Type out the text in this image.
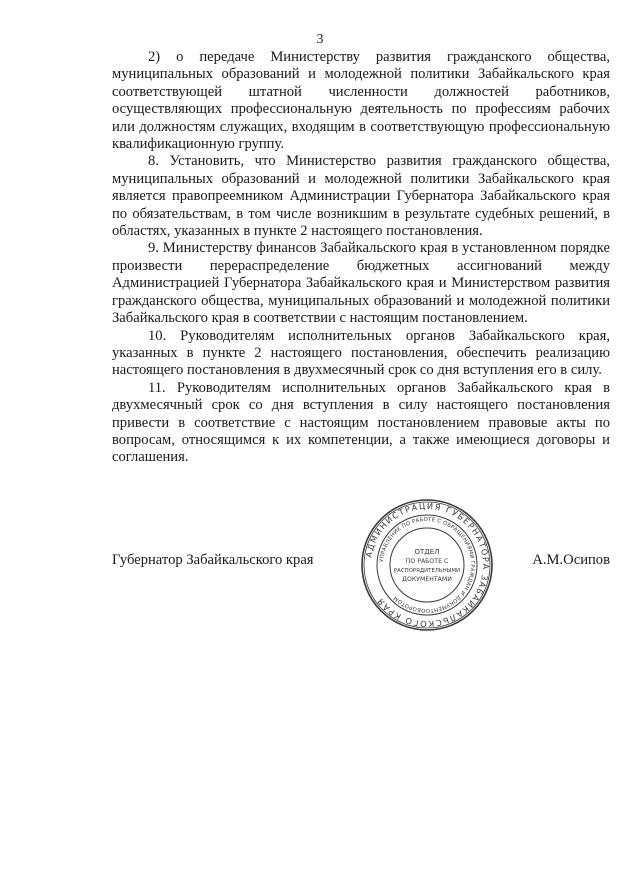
3

2) о передаче Министерству развития гражданского общества, муниципальных образований и молодежной политики Забайкальского края соответствующей штатной численности должностей работников, осуществляющих профессиональную деятельность по профессиям рабочих или должностям служащих, входящим в соответствующую профессиональную квалификационную группу.

8. Установить, что Министерство развития гражданского общества, муниципальных образований и молодежной политики Забайкальского края является правопреемником Администрации Губернатора Забайкальского края по обязательствам, в том числе возникшим в результате судебных решений, в областях, указанных в пункте 2 настоящего постановления.

9. Министерству финансов Забайкальского края в установленном порядке произвести перераспределение бюджетных ассигнований между Администрацией Губернатора Забайкальского края и Министерством развития гражданского общества, муниципальных образований и молодежной политики Забайкальского края в соответствии с настоящим постановлением.

10. Руководителям исполнительных органов Забайкальского края, указанных в пункте 2 настоящего постановления, обеспечить реализацию настоящего постановления в двухмесячный срок со дня вступления его в силу.

11. Руководителям исполнительных органов Забайкальского края в двухмесячный срок со дня вступления в силу настоящего постановления привести в соответствие с настоящим постановлением правовые акты по вопросам, относящимся к их компетенции, а также имеющиеся договоры и соглашения.

Губернатор Забайкальского края	А.М.Осипов
АДМИНИСТРАЦИЯ ГУБЕРНАТОРА ЗАБАЙКАЛЬСКОГО КРАЯ
УПРАВЛЕНИЕ ПО РАБОТЕ С ОБРАЩЕНИЯМИ ГРАЖДАН И ДОКУМЕНТООБОРОТОМ
ОТДЕЛ
ПО РАБОТЕ С
РАСПОРЯДИТЕЛЬНЫМИ
ДОКУМЕНТАМИ
